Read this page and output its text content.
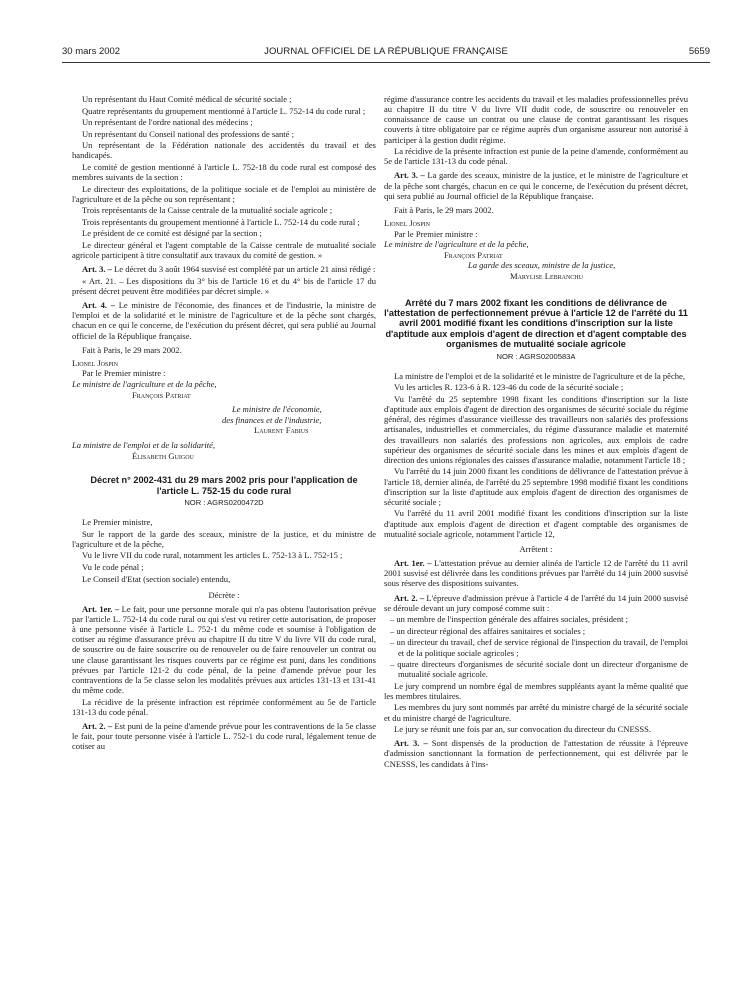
30 mars 2002	JOURNAL OFFICIEL DE LA RÉPUBLIQUE FRANÇAISE	5659

Un représentant du Haut Comité médical de sécurité sociale ;

Quatre représentants du groupement mentionné à l'article L. 752-14 du code rural ;

Un représentant de l'ordre national des médecins ;

Un représentant du Conseil national des professions de santé ;

Un représentant de la Fédération nationale des accidentés du travail et des handicapés.

Le comité de gestion mentionné à l'article L. 752-18 du code rural est composé des membres suivants de la section :

Le directeur des exploitations, de la politique sociale et de l'emploi au ministère de l'agriculture et de la pêche ou son représentant ;

Trois représentants de la Caisse centrale de la mutualité sociale agricole ;

Trois représentants du groupement mentionné à l'article L. 752-14 du code rural ;

Le président de ce comité est désigné par la section ;

Le directeur général et l'agent comptable de la Caisse centrale de mutualité sociale agricole participent à titre consultatif aux travaux du comité de gestion. »

Art. 3. – Le décret du 3 août 1964 susvisé est complété par un article 21 ainsi rédigé :

« Art. 21. – Les dispositions du 3° bis de l'article 16 et du 4° bis de l'article 17 du présent décret peuvent être modifiées par décret simple. »

Art. 4. – Le ministre de l'économie, des finances et de l'industrie, la ministre de l'emploi et de la solidarité et le ministre de l'agriculture et de la pêche sont chargés, chacun en ce qui le concerne, de l'exécution du présent décret, qui sera publié au Journal officiel de la République française.

Fait à Paris, le 29 mars 2002.

Lionel Jospin

Par le Premier ministre :

Le ministre de l'agriculture et de la pêche,

François Patriat

Le ministre de l'économie,

des finances et de l'industrie,

Laurent Fabius

La ministre de l'emploi et de la solidarité,

Élisabeth Guigou

Décret n° 2002-431 du 29 mars 2002 pris pour l'application de l'article L. 752-15 du code rural
NOR : AGRS0200472D

Le Premier ministre,

Sur le rapport de la garde des sceaux, ministre de la justice, et du ministre de l'agriculture et de la pêche,

Vu le livre VII du code rural, notamment les articles L. 752-13 à L. 752-15 ;

Vu le code pénal ;

Le Conseil d'Etat (section sociale) entendu,

Décrète :

Art. 1er. – Le fait, pour une personne morale qui n'a pas obtenu l'autorisation prévue par l'article L. 752-14 du code rural ou qui s'est vu retirer cette autorisation, de proposer à une personne visée à l'article L. 752-1 du même code et soumise à l'obligation de cotiser au régime d'assurance prévu au chapitre II du titre V du livre VII du code rural, de souscrire ou de faire souscrire ou de renouveler ou de faire renouveler un contrat ou une clause garantissant les risques couverts par ce régime est puni, dans les conditions prévues par l'article 121-2 du code pénal, de la peine d'amende prévue pour les contraventions de la 5e classe selon les modalités prévues aux articles 131-13 et 131-41 du même code.

La récidive de la présente infraction est réprimée conformément au 5e de l'article 131-13 du code pénal.

Art. 2. – Est puni de la peine d'amende prévue pour les contraventions de la 5e classe le fait, pour toute personne visée à l'article L. 752-1 du code rural, légalement tenue de cotiser au

régime d'assurance contre les accidents du travail et les maladies professionnelles prévu au chapitre II du titre V du livre VII dudit code, de souscrire ou renouveler en connaissance de cause un contrat ou une clause de contrat garantissant les risques couverts à titre obligatoire par ce régime auprès d'un organisme assureur non autorisé à participer à la gestion dudit régime.

La récidive de la présente infraction est punie de la peine d'amende, conformément au 5e de l'article 131-13 du code pénal.

Art. 3. – La garde des sceaux, ministre de la justice, et le ministre de l'agriculture et de la pêche sont chargés, chacun en ce qui le concerne, de l'exécution du présent décret, qui sera publié au Journal officiel de la République française.

Fait à Paris, le 29 mars 2002.

Lionel Jospin

Par le Premier ministre :

Le ministre de l'agriculture et de la pêche,

François Patriat

La garde des sceaux, ministre de la justice,

Marylise Lebranchu

Arrêté du 7 mars 2002 fixant les conditions de délivrance de l'attestation de perfectionnement prévue à l'article 12 de l'arrêté du 11 avril 2001 modifié fixant les conditions d'inscription sur la liste d'aptitude aux emplois d'agent de direction et d'agent comptable des organismes de mutualité sociale agricole
NOR : AGRS0200583A

La ministre de l'emploi et de la solidarité et le ministre de l'agriculture et de la pêche,

Vu les articles R. 123-6 à R. 123-46 du code de la sécurité sociale ;

Vu l'arrêté du 25 septembre 1998 fixant les conditions d'inscription sur la liste d'aptitude aux emplois d'agent de direction des organismes de sécurité sociale du régime général, des régimes d'assurance vieillesse des travailleurs non salariés des professions artisanales, industrielles et commerciales, du régime d'assurance maladie et maternité des travailleurs non salariés des professions non agricoles, aux emplois de cadre supérieur des organismes de sécurité sociale dans les mines et aux emplois d'agent de direction des unions régionales des caisses d'assurance maladie, notamment l'article 18 ;

Vu l'arrêté du 14 juin 2000 fixant les conditions de délivrance de l'attestation prévue à l'article 18, dernier alinéa, de l'arrêté du 25 septembre 1998 modifié fixant les conditions d'inscription sur la liste d'aptitude aux emplois d'agent de direction des organismes de sécurité sociale ;

Vu l'arrêté du 11 avril 2001 modifié fixant les conditions d'inscription sur la liste d'aptitude aux emplois d'agent de direction et d'agent comptable des organismes de mutualité sociale agricole, notamment l'article 12,

Arrêtent :

Art. 1er. – L'attestation prévue au dernier alinéa de l'article 12 de l'arrêté du 11 avril 2001 susvisé est délivrée dans les conditions prévues par l'arrêté du 14 juin 2000 susvisé sous réserve des dispositions suivantes.

Art. 2. – L'épreuve d'admission prévue à l'article 4 de l'arrêté du 14 juin 2000 susvisé se déroule devant un jury composé comme suit :

– un membre de l'inspection générale des affaires sociales, président ;

– un directeur régional des affaires sanitaires et sociales ;

– un directeur du travail, chef de service régional de l'inspection du travail, de l'emploi et de la politique sociale agricoles ;

– quatre directeurs d'organismes de sécurité sociale dont un directeur d'organisme de mutualité sociale agricole.

Le jury comprend un nombre égal de membres suppléants ayant la même qualité que les membres titulaires.

Les membres du jury sont nommés par arrêté du ministre chargé de la sécurité sociale et du ministre chargé de l'agriculture.

Le jury se réunit une fois par an, sur convocation du directeur du CNESSS.

Art. 3. – Sont dispensés de la production de l'attestation de réussite à l'épreuve d'admission sanctionnant la formation de perfectionnement, qui est délivrée par le CNESSS, les candidats à l'ins-
